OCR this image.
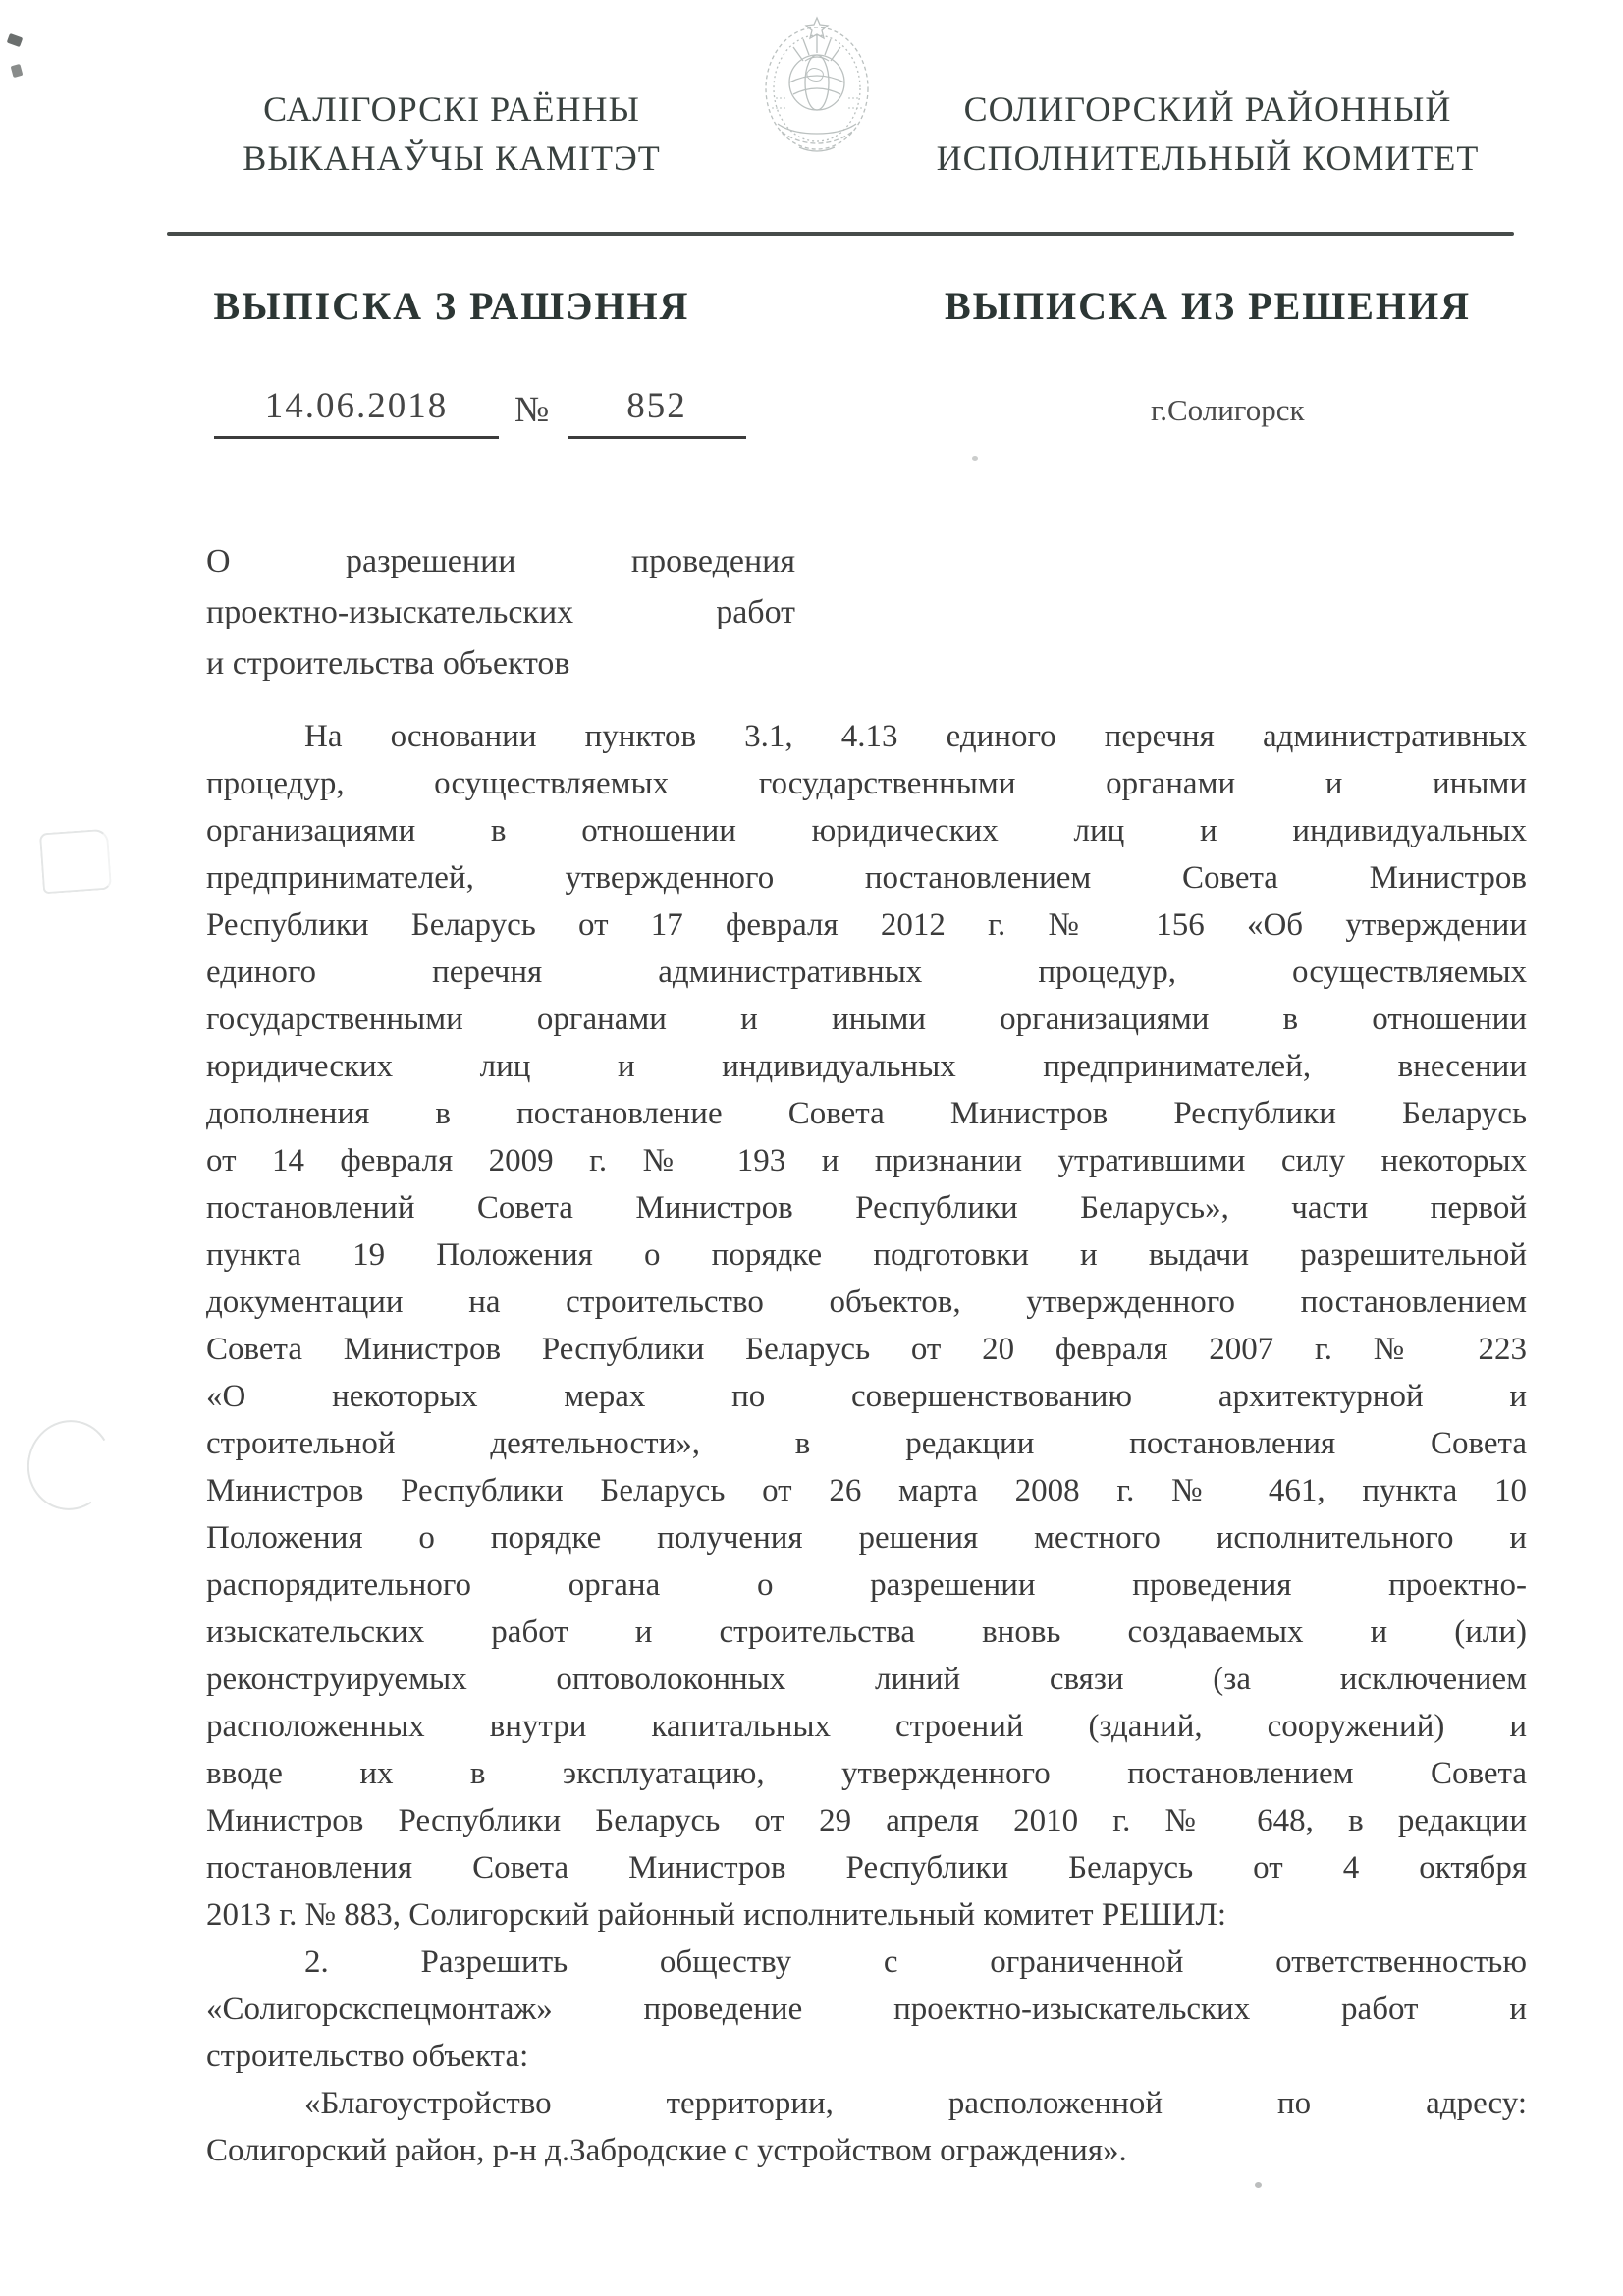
САЛІГОРСКІ РАЁННЫ
ВЫКАНАЎЧЫ КАМІТЭТ
СОЛИГОРСКИЙ РАЙОННЫЙ
ИСПОЛНИТЕЛЬНЫЙ КОМИТЕТ
ВЫПІСКА З РАШЭННЯ	ВЫПИСКА ИЗ РЕШЕНИЯ
14.06.2018	№	852	г.Солигорск
О разрешении проведения
проектно-изыскательских работ
и строительства объектов
На основании пунктов 3.1, 4.13 единого перечня административных
процедур, осуществляемых государственными органами и иными
организациями в отношении юридических лиц и индивидуальных
предпринимателей, утвержденного постановлением Совета Министров
Республики Беларусь от 17 февраля 2012 г. № 156 «Об утверждении
единого перечня административных процедур, осуществляемых
государственными органами и иными организациями в отношении
юридических лиц и индивидуальных предпринимателей, внесении
дополнения в постановление Совета Министров Республики Беларусь
от 14 февраля 2009 г. № 193 и признании утратившими силу некоторых
постановлений Совета Министров Республики Беларусь», части первой
пункта 19 Положения о порядке подготовки и выдачи разрешительной
документации на строительство объектов, утвержденного постановлением
Совета Министров Республики Беларусь от 20 февраля 2007 г. № 223
«О некоторых мерах по совершенствованию архитектурной и
строительной деятельности», в редакции постановления Совета
Министров Республики Беларусь от 26 марта 2008 г. № 461, пункта 10
Положения о порядке получения решения местного исполнительного и
распорядительного органа о разрешении проведения проектно-
изыскательских работ и строительства вновь создаваемых и (или)
реконструируемых оптоволоконных линий связи (за исключением
расположенных внутри капитальных строений (зданий, сооружений) и
вводе их в эксплуатацию, утвержденного постановлением Совета
Министров Республики Беларусь от 29 апреля 2010 г. № 648, в редакции
постановления Совета Министров Республики Беларусь от 4 октября
2013 г. № 883, Солигорский районный исполнительный комитет РЕШИЛ:
2. Разрешить обществу с ограниченной ответственностью
«Солигорскспецмонтаж» проведение проектно-изыскательских работ и
строительство объекта:
«Благоустройство территории, расположенной по адресу:
Солигорский район, р-н д.Забродские с устройством ограждения».
